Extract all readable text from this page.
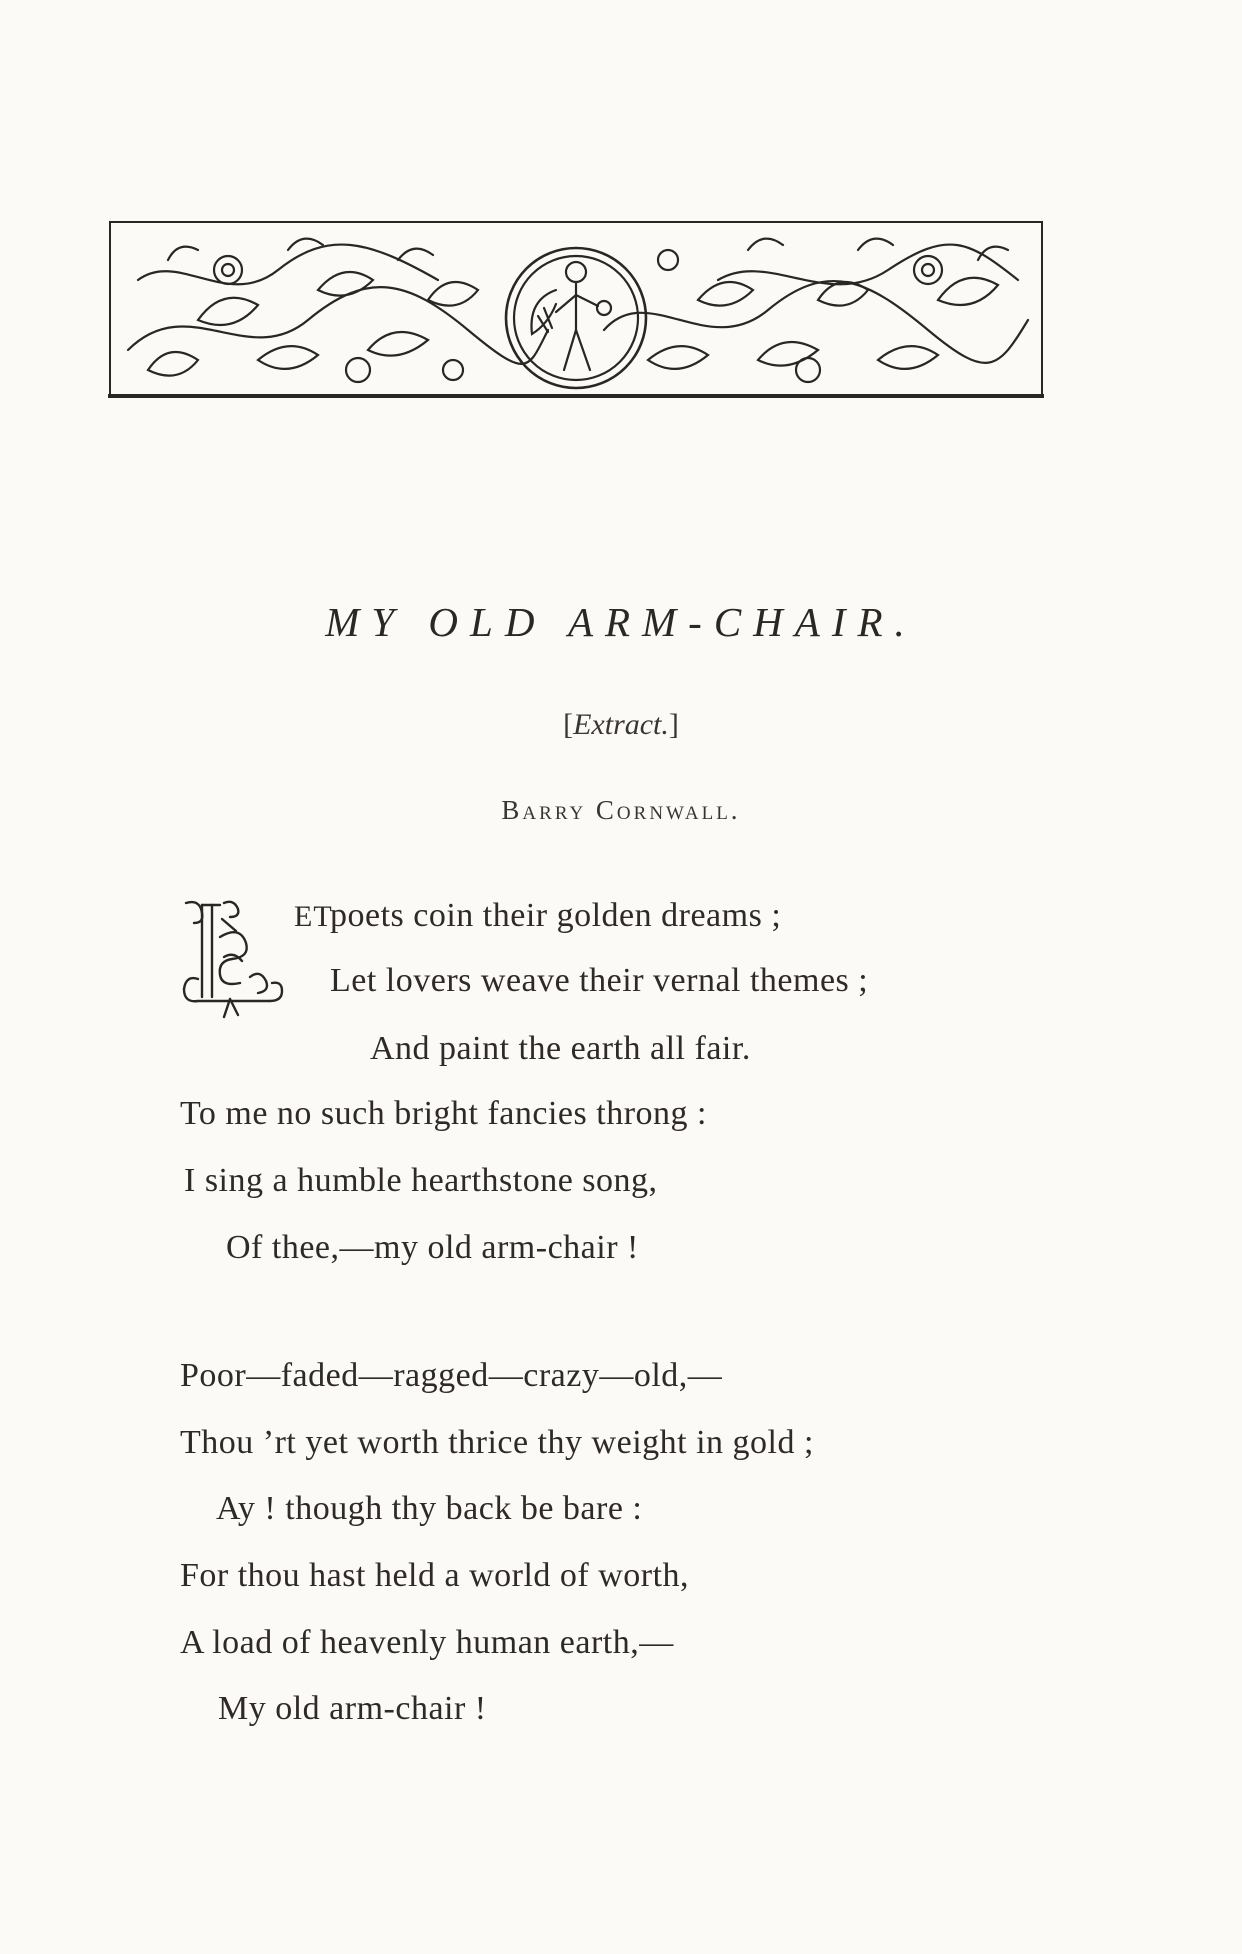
MY OLD ARM-CHAIR.
[Extract.]
Barry Cornwall.
ET
poets coin their golden dreams ;
Let lovers weave their vernal themes ;
And paint the earth all fair.
To me no such bright fancies throng :
I sing a humble hearthstone song,
Of thee,—my old arm-chair !
Poor—faded—ragged—crazy—old,—
Thou ’rt yet worth thrice thy weight in gold ;
Ay ! though thy back be bare :
For thou hast held a world of worth,
A load of heavenly human earth,—
My old arm-chair !
